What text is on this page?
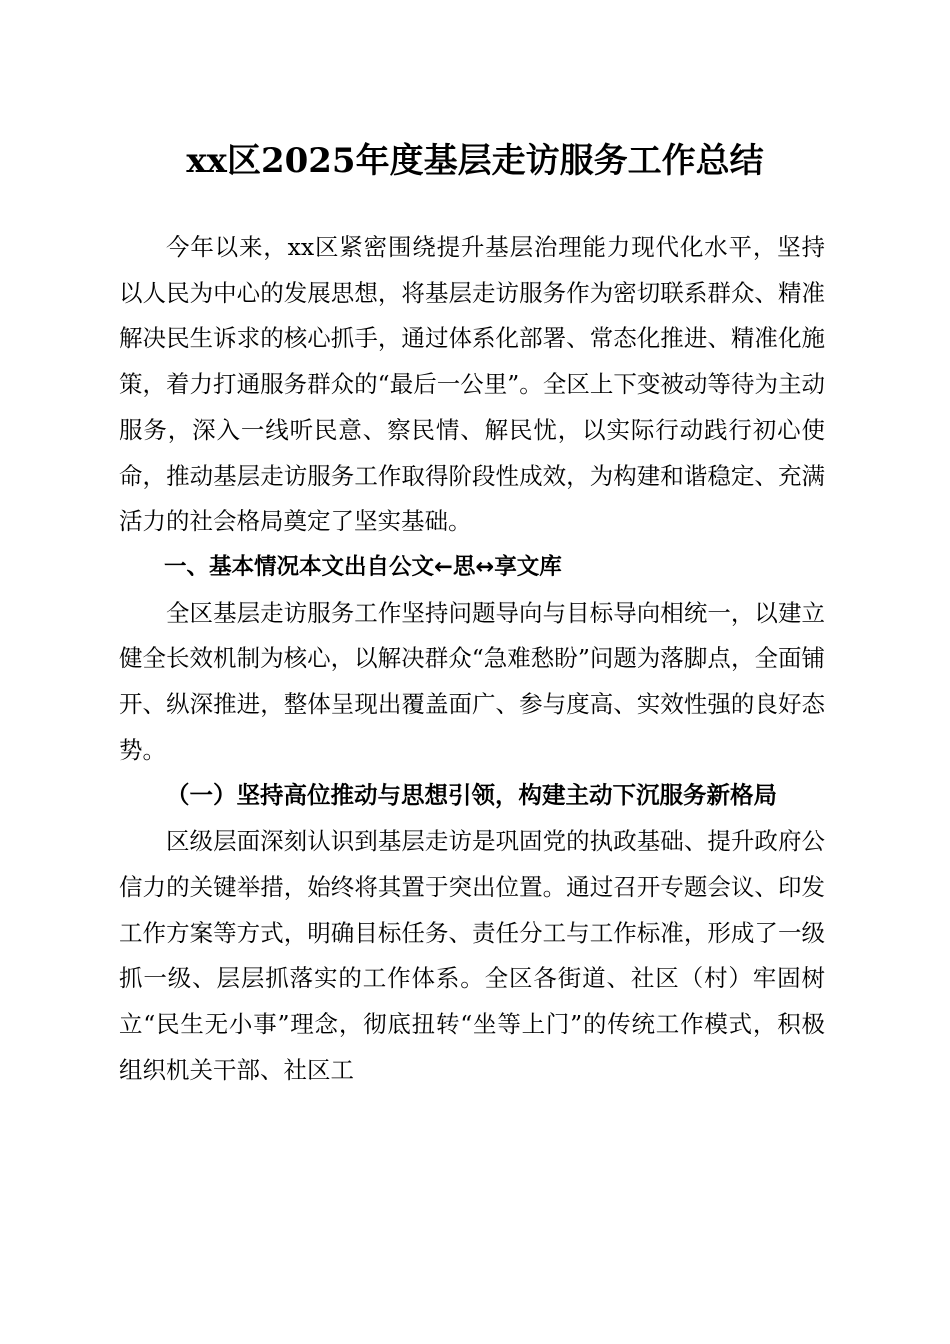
xx区2025年度基层走访服务工作总结

今年以来，xx区紧密围绕提升基层治理能力现代化水平，坚持以人民为中心的发展思想，将基层走访服务作为密切联系群众、精准解决民生诉求的核心抓手，通过体系化部署、常态化推进、精准化施策，着力打通服务群众的“最后一公里”。全区上下变被动等待为主动服务，深入一线听民意、察民情、解民忧，以实际行动践行初心使命，推动基层走访服务工作取得阶段性成效，为构建和谐稳定、充满活力的社会格局奠定了坚实基础。

一、基本情况本文出自公文←思↔享文库

全区基层走访服务工作坚持问题导向与目标导向相统一，以建立健全长效机制为核心，以解决群众“急难愁盼”问题为落脚点，全面铺开、纵深推进，整体呈现出覆盖面广、参与度高、实效性强的良好态势。

（一）坚持高位推动与思想引领，构建主动下沉服务新格局

区级层面深刻认识到基层走访是巩固党的执政基础、提升政府公信力的关键举措，始终将其置于突出位置。通过召开专题会议、印发工作方案等方式，明确目标任务、责任分工与工作标准，形成了一级抓一级、层层抓落实的工作体系。全区各街道、社区（村）牢固树立“民生无小事”理念，彻底扭转“坐等上门”的传统工作模式，积极组织机关干部、社区工
